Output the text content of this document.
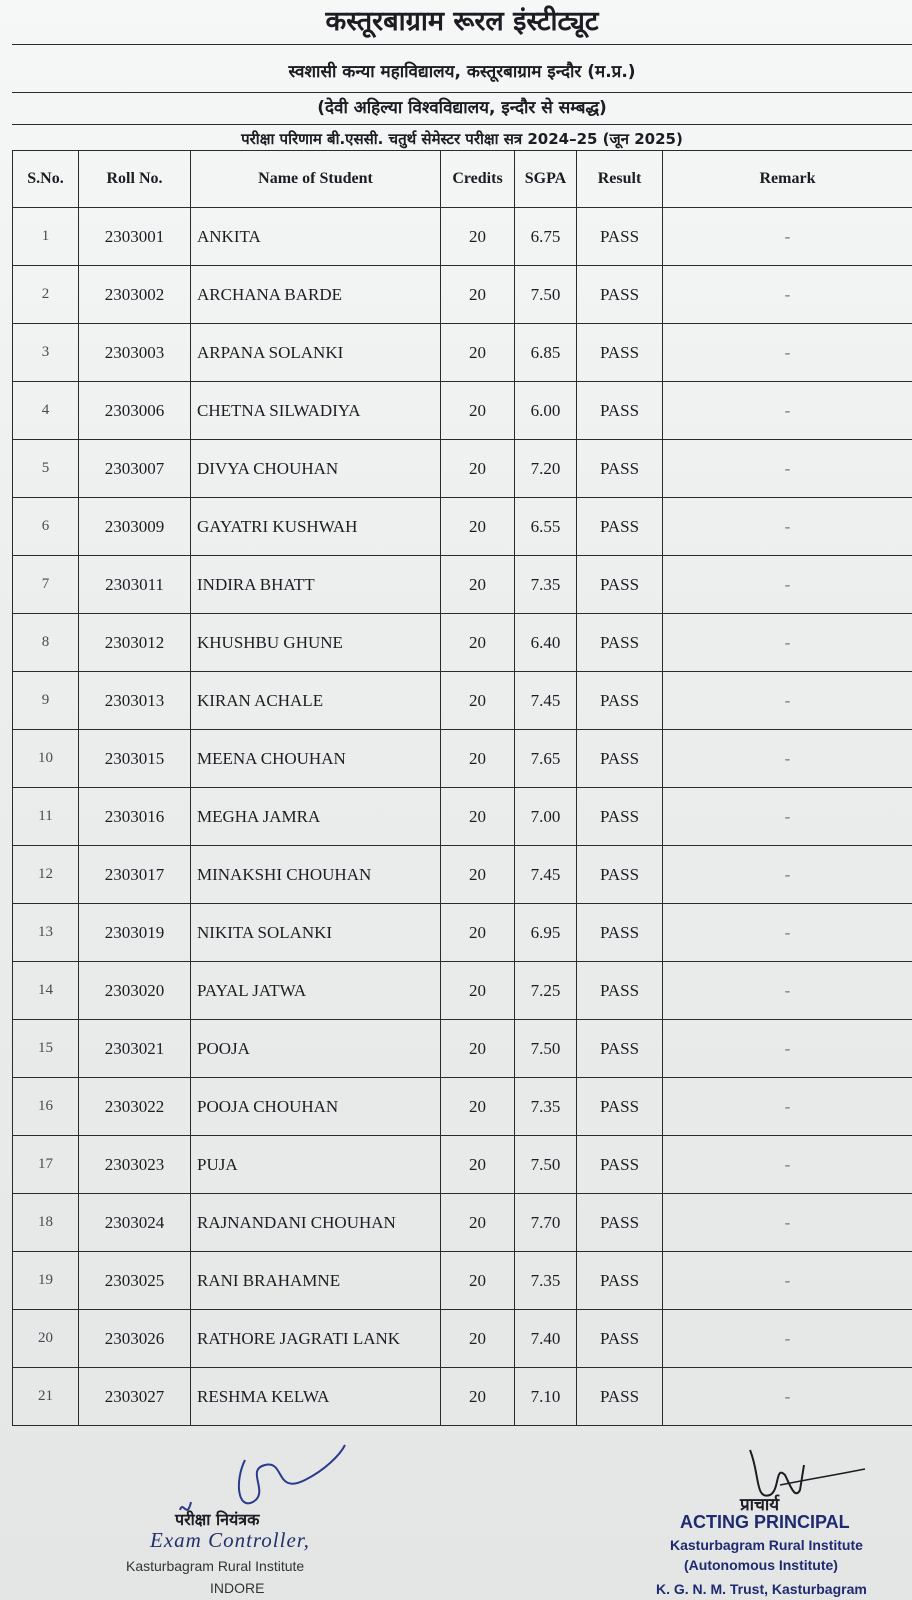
कस्तूरबाग्राम रूरल इंस्टीट्यूट
स्वशासी कन्या महाविद्यालय, कस्तूरबाग्राम इन्दौर (म.प्र.)
(देवी अहिल्या विश्वविद्यालय, इन्दौर से सम्बद्ध)
परीक्षा परिणाम बी.एससी. चतुर्थ सेमेस्टर परीक्षा सत्र 2024–25 (जून 2025)
S.No.	Roll No.	Name of Student	Credits	SGPA	Result	Remark
1	2303001	ANKITA	20	6.75	PASS	-
2	2303002	ARCHANA BARDE	20	7.50	PASS	-
3	2303003	ARPANA SOLANKI	20	6.85	PASS	-
4	2303006	CHETNA SILWADIYA	20	6.00	PASS	-
5	2303007	DIVYA CHOUHAN	20	7.20	PASS	-
6	2303009	GAYATRI KUSHWAH	20	6.55	PASS	-
7	2303011	INDIRA BHATT	20	7.35	PASS	-
8	2303012	KHUSHBU GHUNE	20	6.40	PASS	-
9	2303013	KIRAN ACHALE	20	7.45	PASS	-
10	2303015	MEENA CHOUHAN	20	7.65	PASS	-
11	2303016	MEGHA JAMRA	20	7.00	PASS	-
12	2303017	MINAKSHI CHOUHAN	20	7.45	PASS	-
13	2303019	NIKITA SOLANKI	20	6.95	PASS	-
14	2303020	PAYAL JATWA	20	7.25	PASS	-
15	2303021	POOJA	20	7.50	PASS	-
16	2303022	POOJA CHOUHAN	20	7.35	PASS	-
17	2303023	PUJA	20	7.50	PASS	-
18	2303024	RAJNANDANI CHOUHAN	20	7.70	PASS	-
19	2303025	RANI BRAHAMNE	20	7.35	PASS	-
20	2303026	RATHORE JAGRATI LANK	20	7.40	PASS	-
21	2303027	RESHMA KELWA	20	7.10	PASS	-
परीक्षा नियंत्रक
Exam Controller,
Kasturbagram Rural Institute
INDORE
प्राचार्य
ACTING PRINCIPAL
Kasturbagram Rural Institute
(Autonomous Institute)
K. G. N. M. Trust, Kasturbagram
